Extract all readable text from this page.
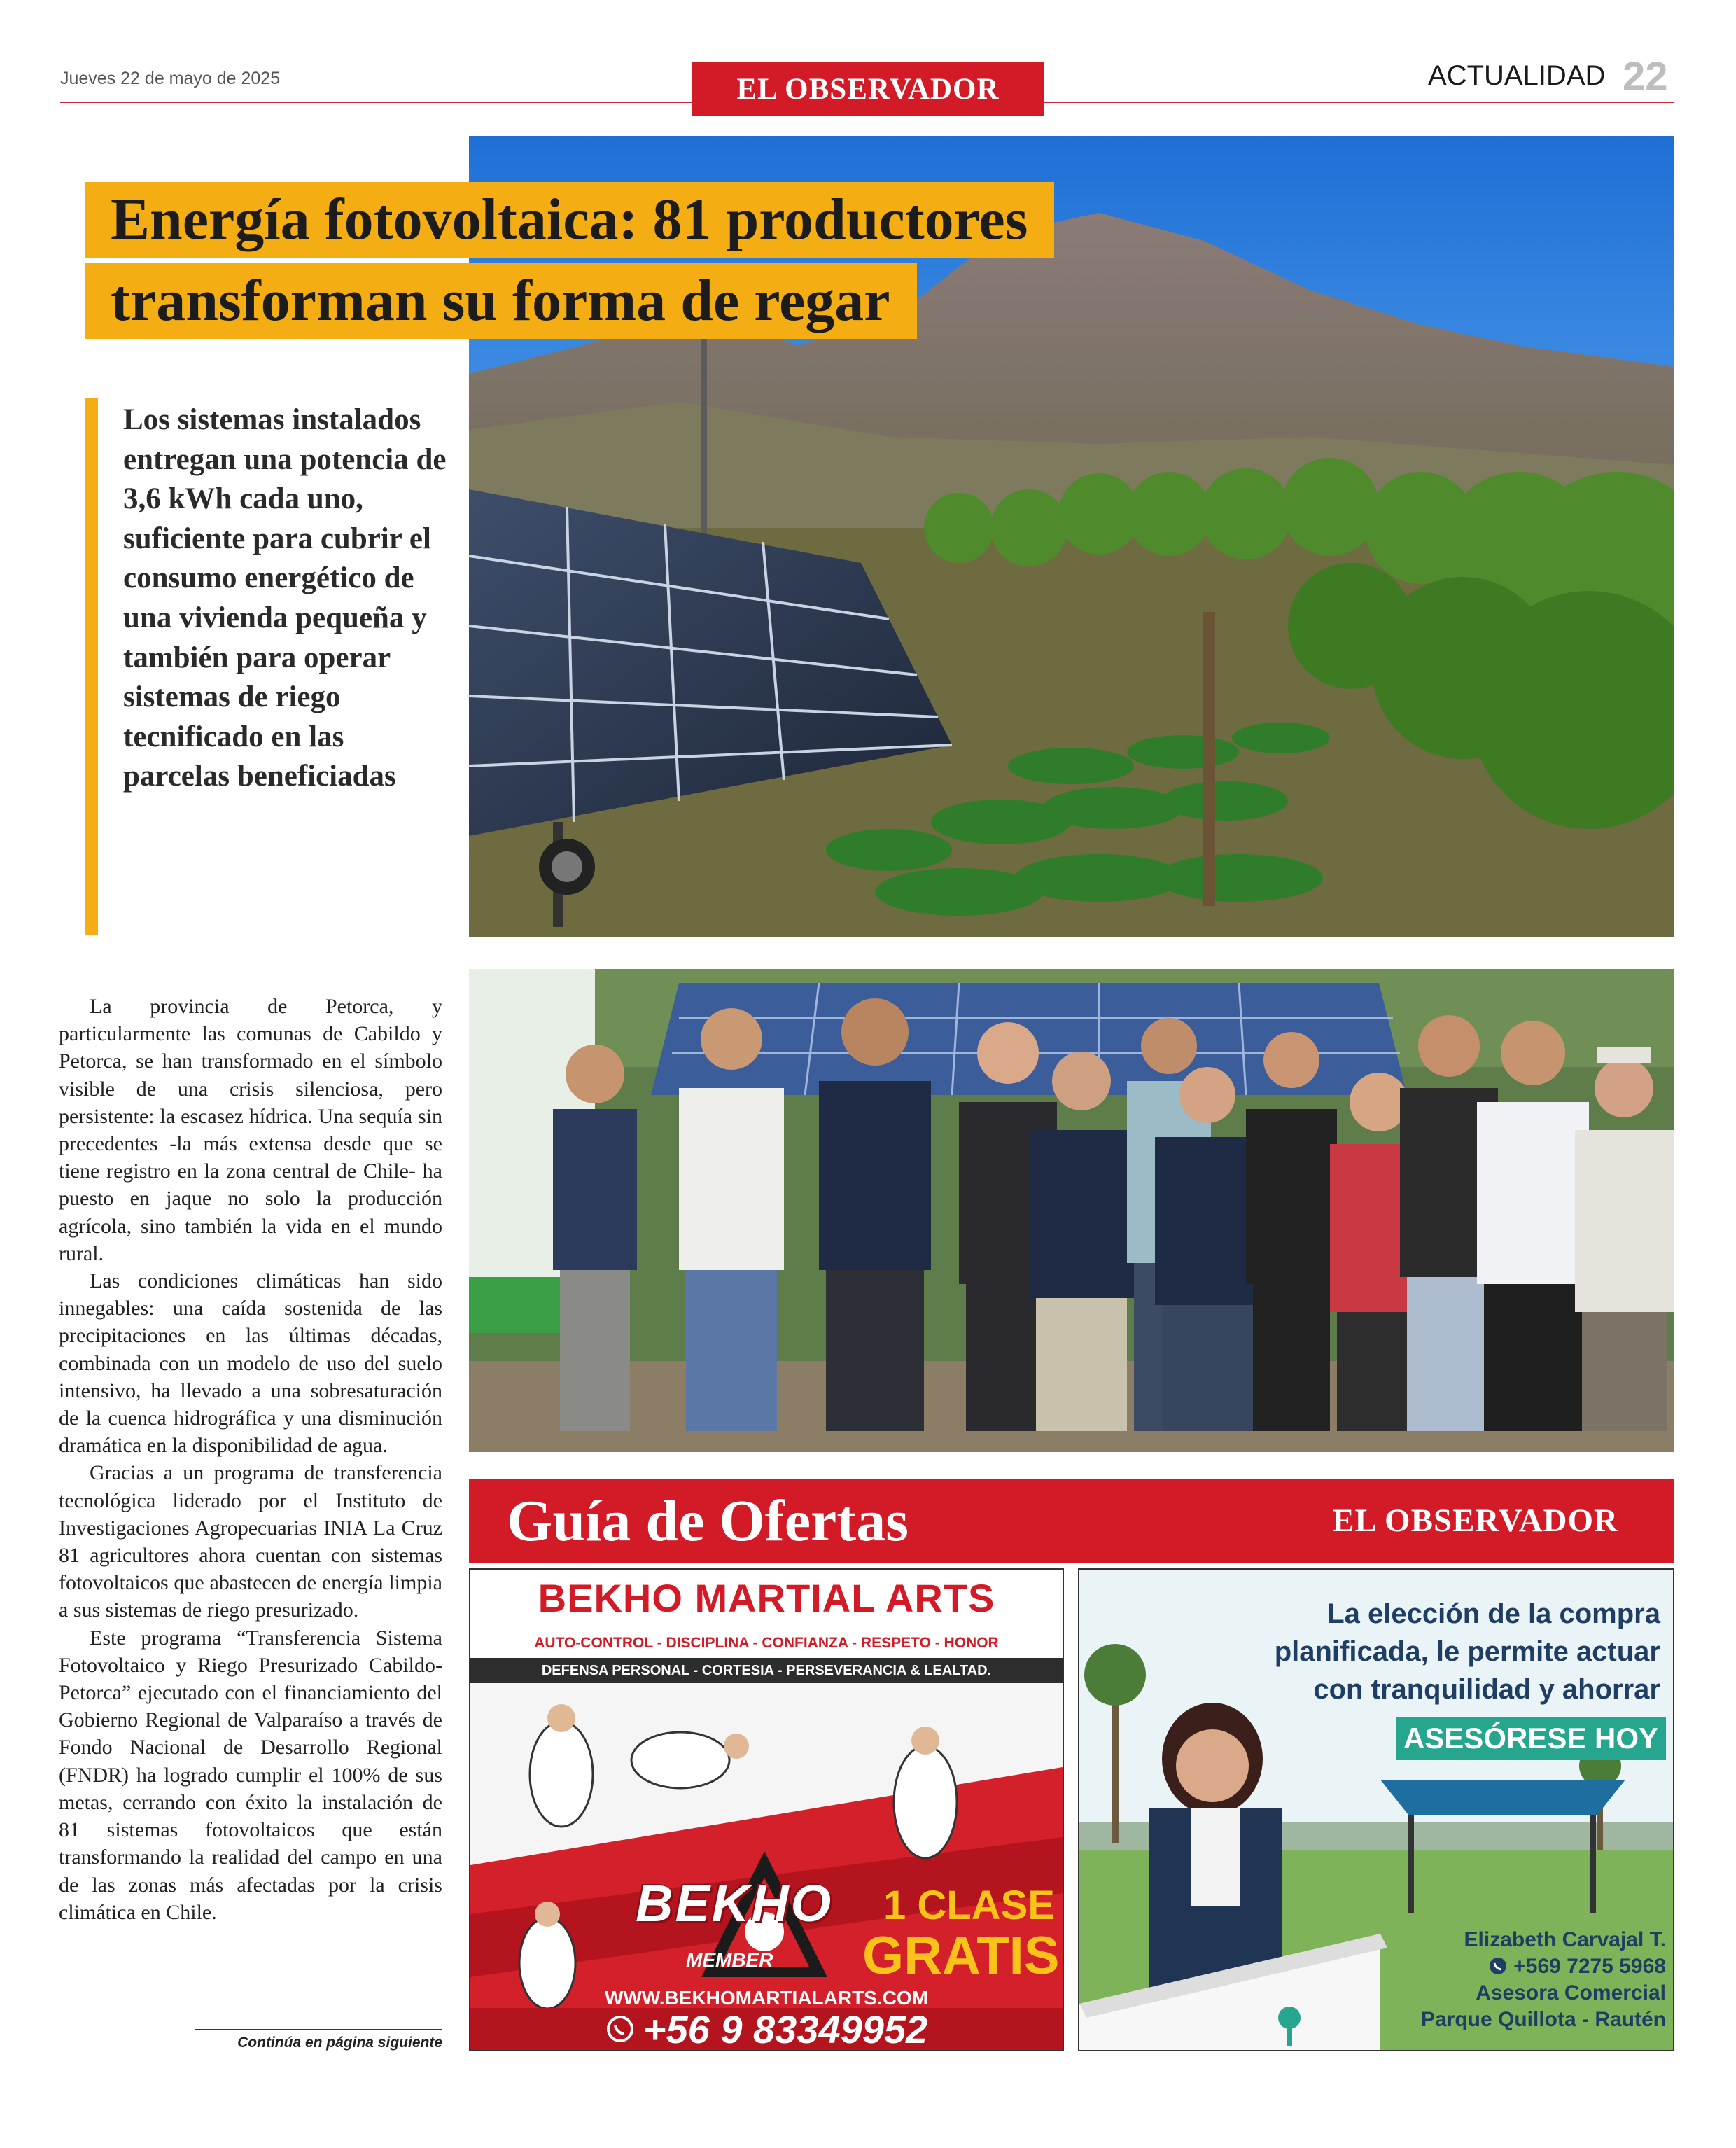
Jueves 22 de mayo de 2025	EL OBSERVADOR	ACTUALIDAD 22
Energía fotovoltaica: 81 productores
transforman su forma de regar
Los sistemas instalados entregan una potencia de 3,6 kWh cada uno, suficiente para cubrir el consumo energético de una vivienda pequeña y también para operar sistemas de riego tecnificado en las parcelas beneficiadas

La provincia de Petorca, y particularmente las comunas de Cabildo y Petorca, se han transformado en el símbolo visible de una crisis silenciosa, pero persistente: la escasez hídrica. Una sequía sin precedentes -la más extensa desde que se tiene registro en la zona central de Chile- ha puesto en jaque no solo la producción agrícola, sino también la vida en el mundo rural.

Las condiciones climáticas han sido innegables: una caída sostenida de las precipitaciones en las últimas décadas, combinada con un modelo de uso del suelo intensivo, ha llevado a una sobresaturación de la cuenca hidrográfica y una disminución dramática en la disponibilidad de agua.

Gracias a un programa de transferencia tecnológica liderado por el Instituto de Investigaciones Agropecuarias INIA La Cruz 81 agricultores ahora cuentan con sistemas fotovoltaicos que abastecen de energía limpia a sus sistemas de riego presurizado.

Este programa “Transferencia Sistema Fotovoltaico y Riego Presurizado Cabildo-Petorca” ejecutado con el financiamiento del Gobierno Regional de Valparaíso a través de Fondo Nacional de Desarrollo Regional (FNDR) ha logrado cumplir el 100% de sus metas, cerrando con éxito la instalación de 81 sistemas fotovoltaicos que están transformando la realidad del campo en una de las zonas más afectadas por la crisis climática en Chile.

Continúa en página siguiente
Guía de Ofertas	EL OBSERVADOR
BEKHO MARTIAL ARTS
AUTO-CONTROL - DISCIPLINA - CONFIANZA - RESPETO - HONOR
DEFENSA PERSONAL - CORTESIA - PERSEVERANCIA & LEALTAD.
BEKHO
MEMBER
1 CLASE
GRATIS
WWW.BEKHOMARTIALARTS.COM
+56 9 83349952
La elección de la compra planificada, le permite actuar con tranquilidad y ahorrar
ASESÓRESE HOY
Elizabeth Carvajal T.
+569 7275 5968
Asesora Comercial
Parque Quillota - Rautén
